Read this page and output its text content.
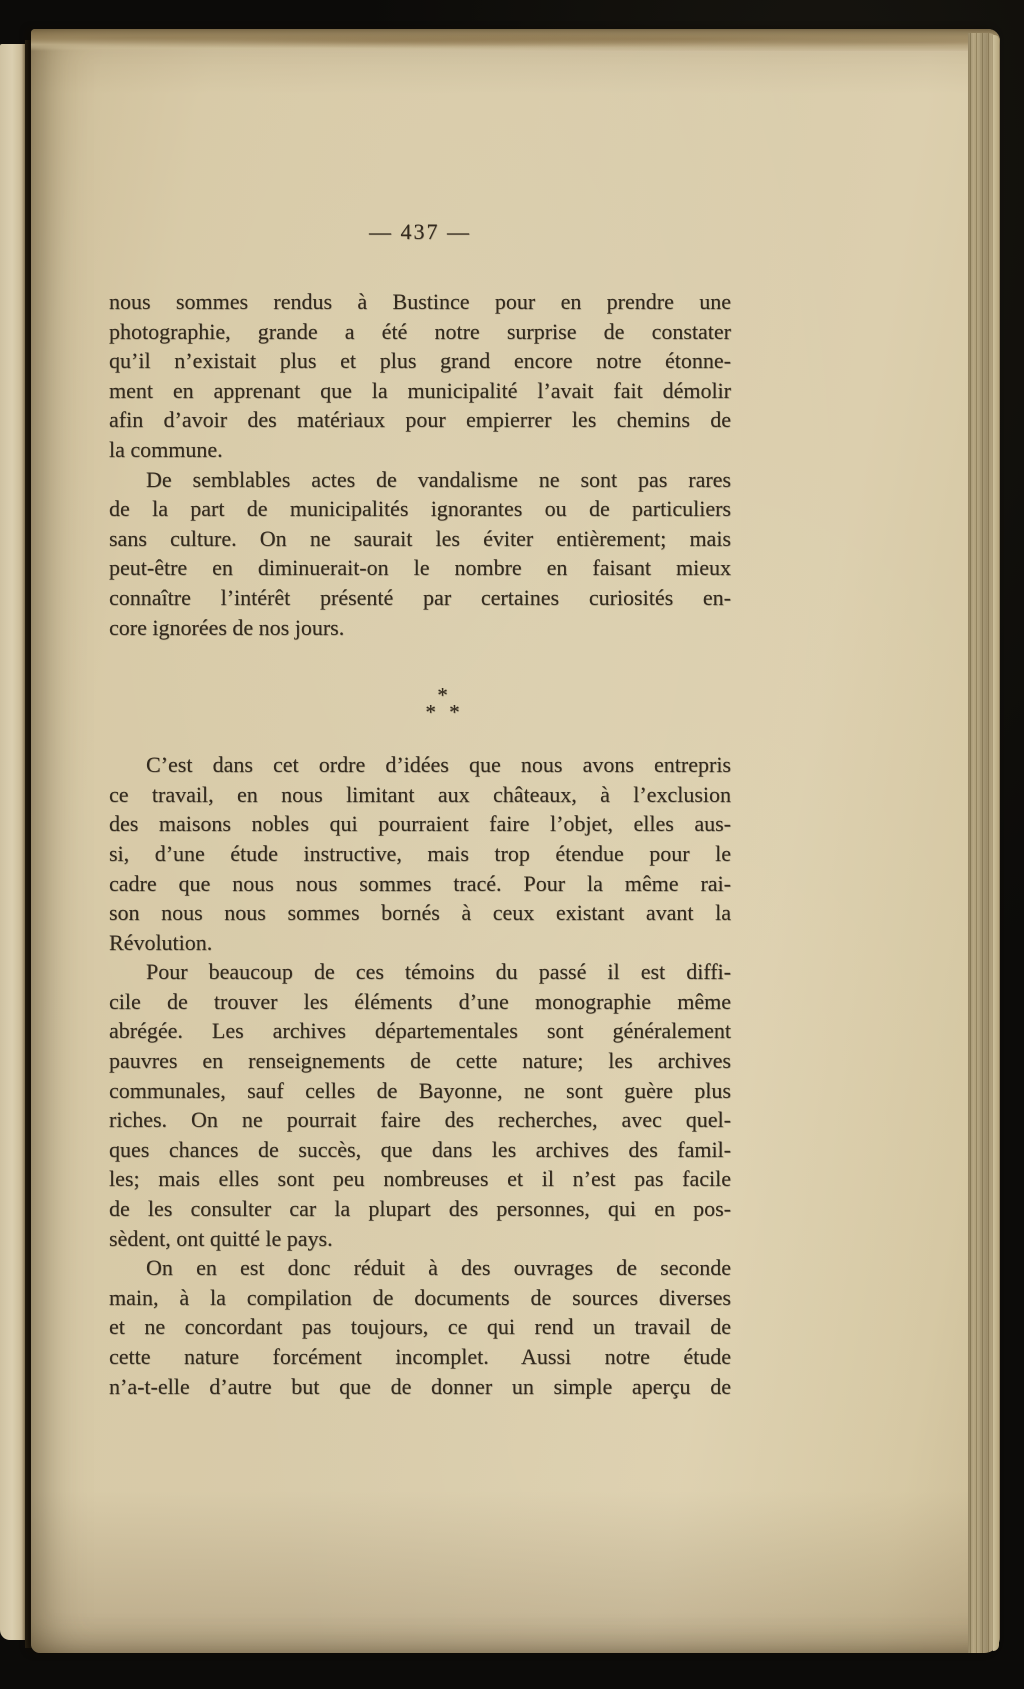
— 437 —
nous sommes rendus à Bustince pour en prendre une
photographie, grande a été notre surprise de constater
qu’il n’existait plus et plus grand encore notre étonne-
ment en apprenant que la municipalité l’avait fait démolir
afin d’avoir des matériaux pour empierrer les chemins de
la commune.
De semblables actes de vandalisme ne sont pas rares
de la part de municipalités ignorantes ou de particuliers
sans culture. On ne saurait les éviter entièrement; mais
peut-être en diminuerait-on le nombre en faisant mieux
connaître l’intérêt présenté par certaines curiosités en-
core ignorées de nos jours.
*
* *
C’est dans cet ordre d’idées que nous avons entrepris
ce travail, en nous limitant aux châteaux, à l’exclusion
des maisons nobles qui pourraient faire l’objet, elles aus-
si, d’une étude instructive, mais trop étendue pour le
cadre que nous nous sommes tracé. Pour la même rai-
son nous nous sommes bornés à ceux existant avant la
Révolution.
Pour beaucoup de ces témoins du passé il est diffi-
cile de trouver les éléments d’une monographie même
abrégée. Les archives départementales sont généralement
pauvres en renseignements de cette nature; les archives
communales, sauf celles de Bayonne, ne sont guère plus
riches. On ne pourrait faire des recherches, avec quel-
ques chances de succès, que dans les archives des famil-
les; mais elles sont peu nombreuses et il n’est pas facile
de les consulter car la plupart des personnes, qui en pos-
sèdent, ont quitté le pays.
On en est donc réduit à des ouvrages de seconde
main, à la compilation de documents de sources diverses
et ne concordant pas toujours, ce qui rend un travail de
cette nature forcément incomplet. Aussi notre étude
n’a-t-elle d’autre but que de donner un simple aperçu de
